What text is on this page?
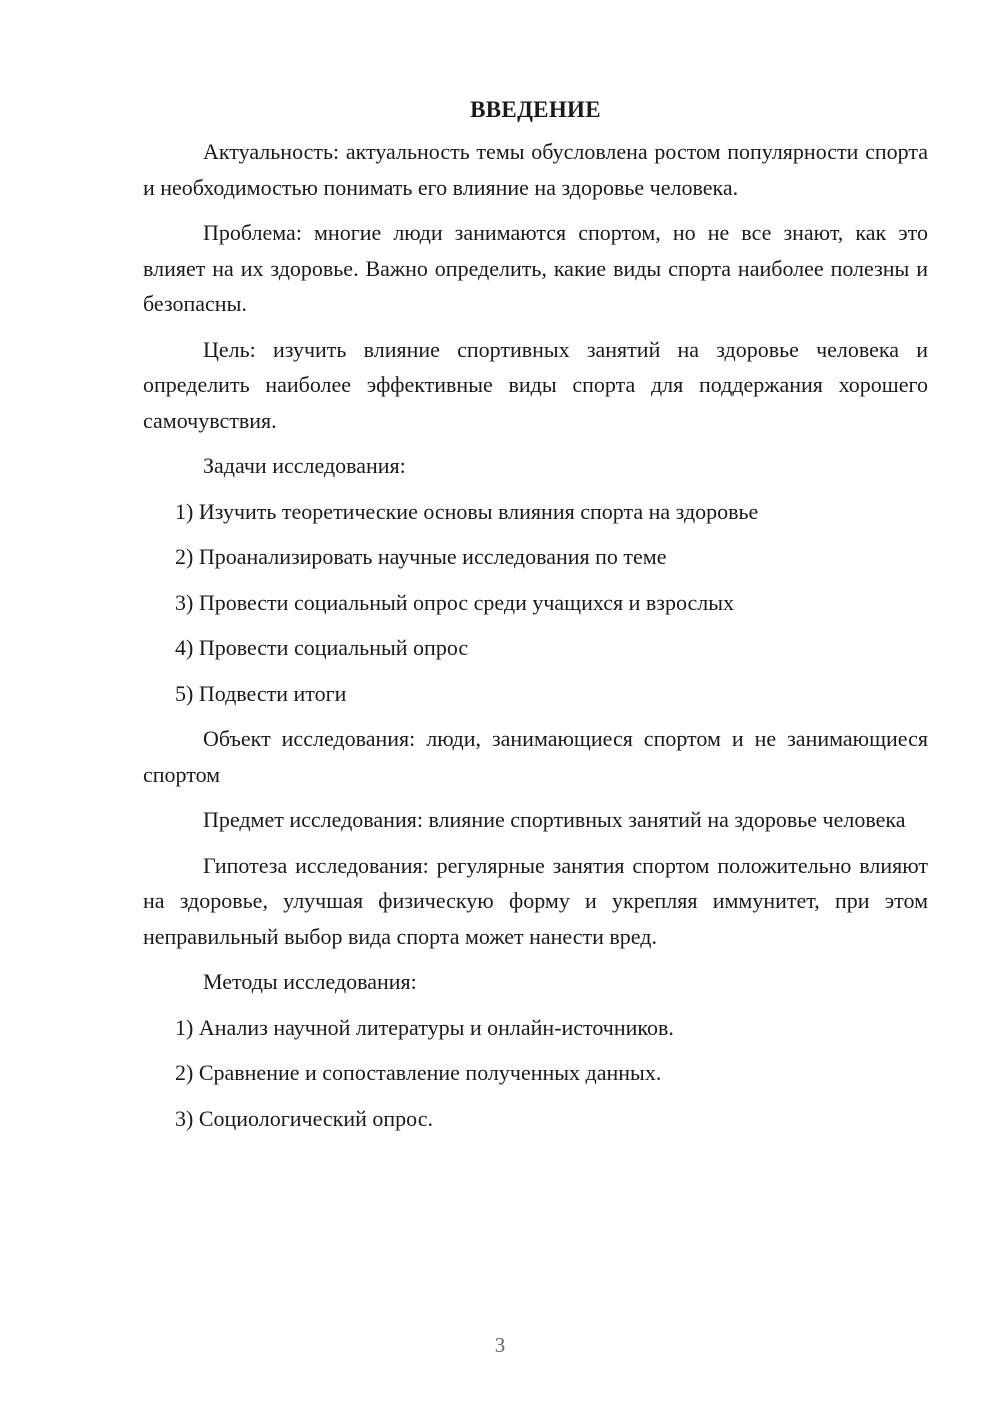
ВВЕДЕНИЕ

Актуальность: актуальность темы обусловлена ростом популярности спорта и необходимостью понимать его влияние на здоровье человека.

Проблема: многие люди занимаются спортом, но не все знают, как это влияет на их здоровье. Важно определить, какие виды спорта наиболее полезны и безопасны.

Цель: изучить влияние спортивных занятий на здоровье человека и определить наиболее эффективные виды спорта для поддержания хорошего самочувствия.

Задачи исследования:

1) Изучить теоретические основы влияния спорта на здоровье
2) Проанализировать научные исследования по теме
3) Провести социальный опрос среди учащихся и взрослых
4) Провести социальный опрос
5) Подвести итоги

Объект исследования: люди, занимающиеся спортом и не занимающиеся спортом

Предмет исследования: влияние спортивных занятий на здоровье человека

Гипотеза исследования: регулярные занятия спортом положительно влияют на здоровье, улучшая физическую форму и укрепляя иммунитет, при этом неправильный выбор вида спорта может нанести вред.

Методы исследования:

1) Анализ научной литературы и онлайн-источников.
2) Сравнение и сопоставление полученных данных.
3) Социологический опрос.
3
